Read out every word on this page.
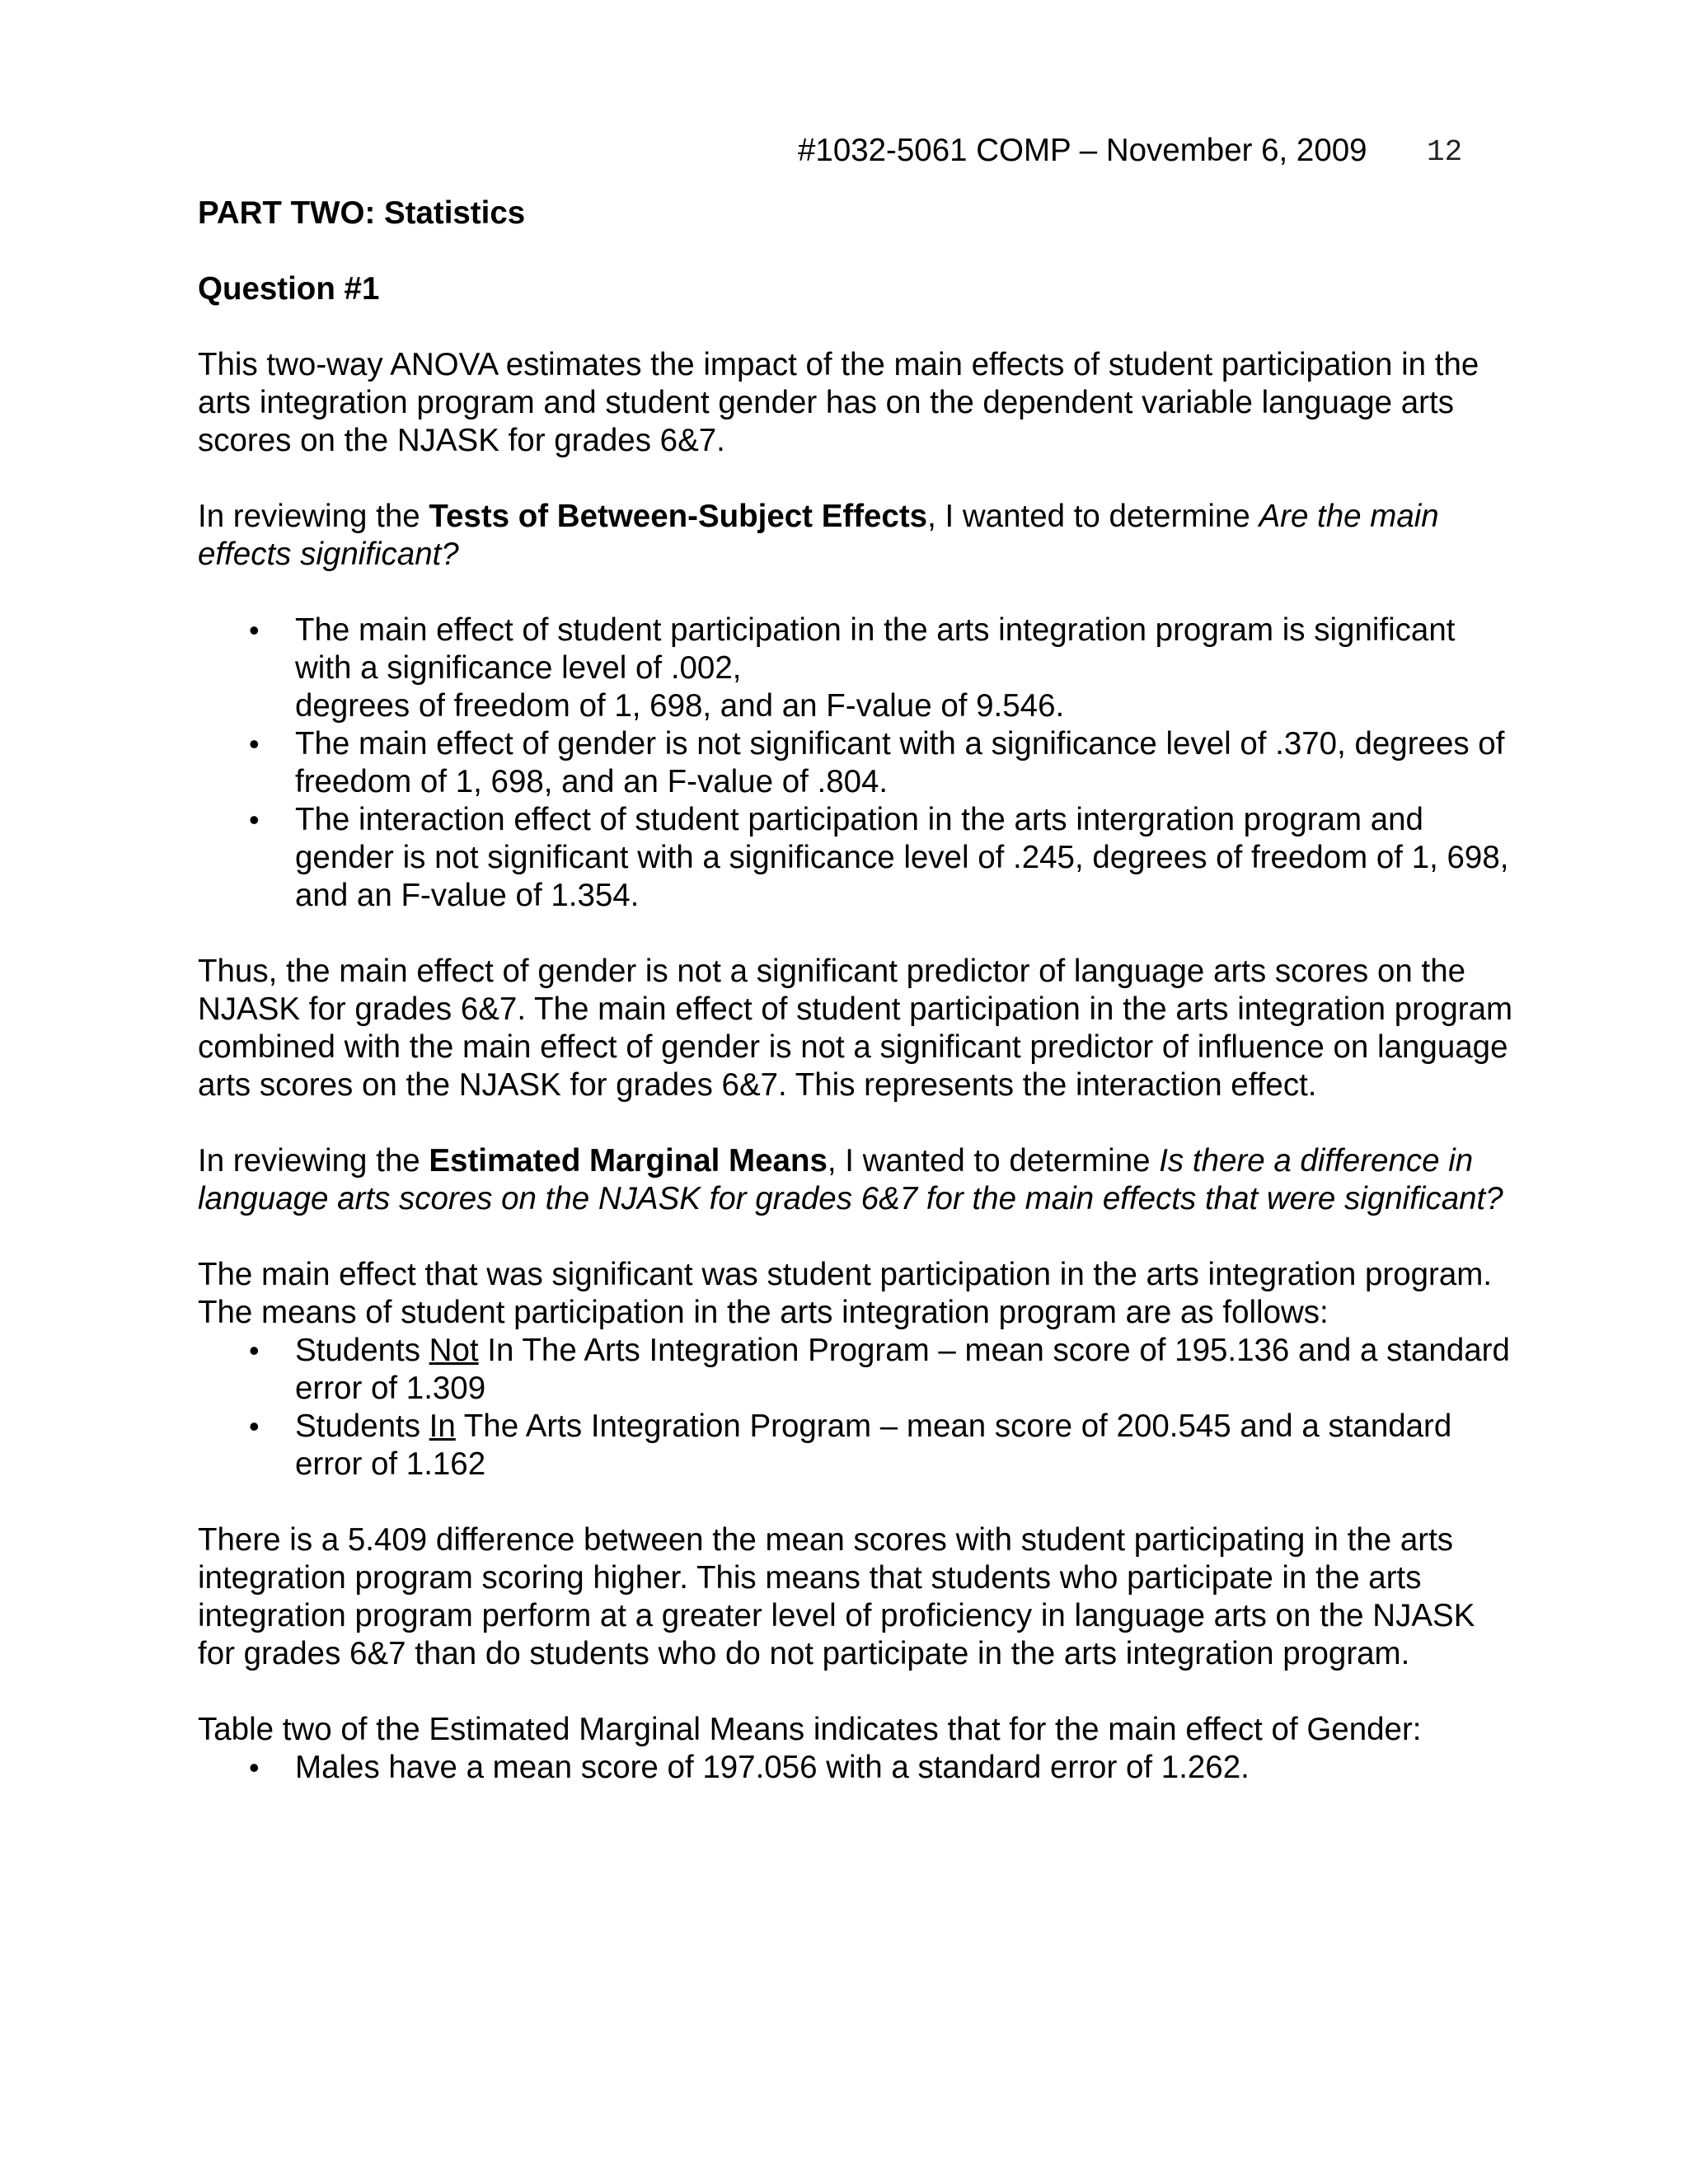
#1032-5061 COMP – November 6, 2009 12
PART TWO: Statistics
Question #1

This two-way ANOVA estimates the impact of the main effects of student participation in the arts integration program and student gender has on the dependent variable language arts scores on the NJASK for grades 6&7.

In reviewing the Tests of Between-Subject Effects, I wanted to determine Are the main effects significant?

• The main effect of student participation in the arts integration program is significant with a significance level of .002,
degrees of freedom of 1, 698, and an F-value of 9.546.
• The main effect of gender is not significant with a significance level of .370, degrees of freedom of 1, 698, and an F-value of .804.
• The interaction effect of student participation in the arts intergration program and gender is not significant with a significance level of .245, degrees of freedom of 1, 698, and an F-value of 1.354.

Thus, the main effect of gender is not a significant predictor of language arts scores on the NJASK for grades 6&7. The main effect of student participation in the arts integration program combined with the main effect of gender is not a significant predictor of influence on language arts scores on the NJASK for grades 6&7. This represents the interaction effect.

In reviewing the Estimated Marginal Means, I wanted to determine Is there a difference in language arts scores on the NJASK for grades 6&7 for the main effects that were significant?

The main effect that was significant was student participation in the arts integration program. The means of student participation in the arts integration program are as follows:

• Students Not In The Arts Integration Program – mean score of 195.136 and a standard error of 1.309
• Students In The Arts Integration Program – mean score of 200.545 and a standard error of 1.162

There is a 5.409 difference between the mean scores with student participating in the arts integration program scoring higher. This means that students who participate in the arts integration program perform at a greater level of proficiency in language arts on the NJASK for grades 6&7 than do students who do not participate in the arts integration program.

Table two of the Estimated Marginal Means indicates that for the main effect of Gender:

• Males have a mean score of 197.056 with a standard error of 1.262.
